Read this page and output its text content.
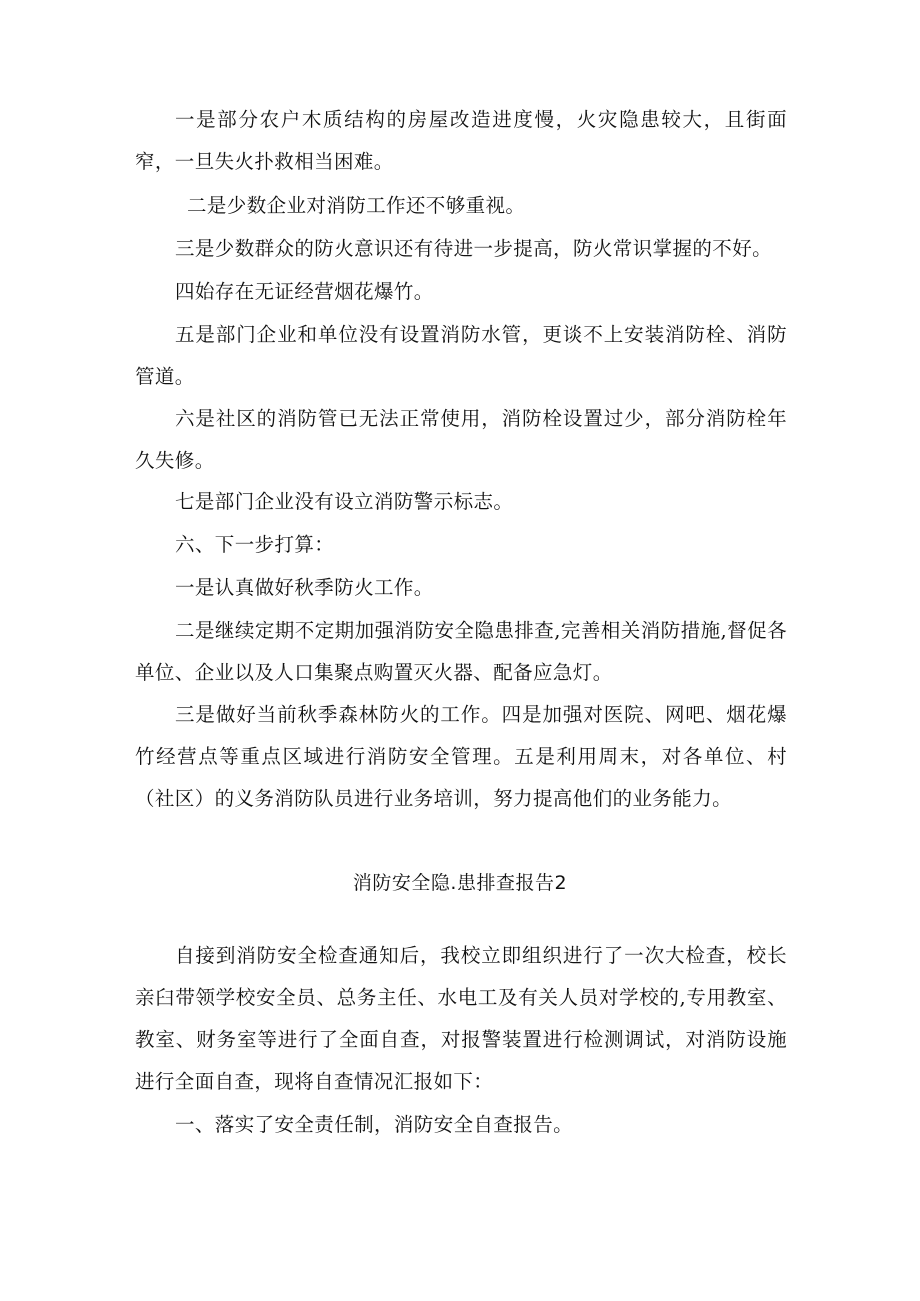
一是部分农户木质结构的房屋改造进度慢，火灾隐患较大，且街面窄，一旦失火扑救相当困难。

二是少数企业对消防工作还不够重视。

三是少数群众的防火意识还有待进一步提高，防火常识掌握的不好。

四始存在无证经营烟花爆竹。

五是部门企业和单位没有设置消防水管，更谈不上安装消防栓、消防管道。

六是社区的消防管已无法正常使用，消防栓设置过少，部分消防栓年久失修。

七是部门企业没有设立消防警示标志。

六、下一步打算：

一是认真做好秋季防火工作。

二是继续定期不定期加强消防安全隐患排查,完善相关消防措施,督促各单位、企业以及人口集聚点购置灭火器、配备应急灯。

三是做好当前秋季森林防火的工作。四是加强对医院、网吧、烟花爆竹经营点等重点区域进行消防安全管理。五是利用周末，对各单位、村（社区）的义务消防队员进行业务培训，努力提高他们的业务能力。

消防安全隐.患排查报告2

自接到消防安全检查通知后，我校立即组织进行了一次大检查，校长亲臼带领学校安全员、总务主任、水电工及有关人员对学校的,专用教室、教室、财务室等进行了全面自查，对报警装置进行检测调试，对消防设施进行全面自查，现将自查情况汇报如下：

一、落实了安全责任制，消防安全自查报告。
